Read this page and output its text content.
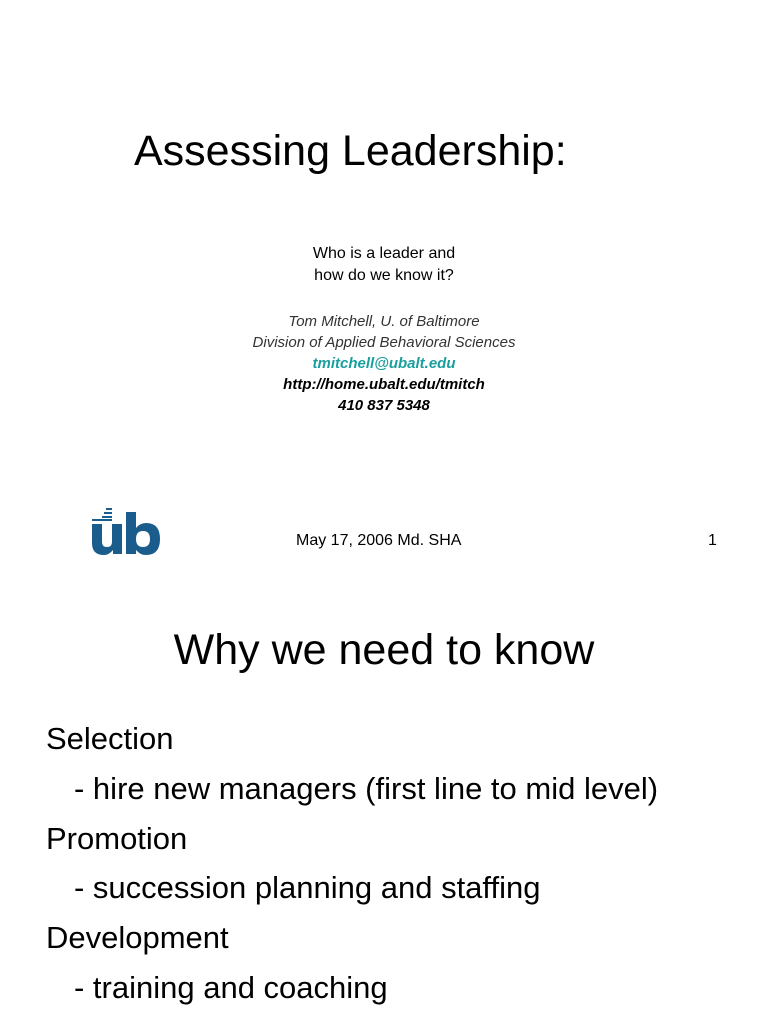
Assessing Leadership:
Who is a leader and
how do we know it?
Tom Mitchell, U. of Baltimore
Division of Applied Behavioral Sciences
tmitchell@ubalt.edu
http://home.ubalt.edu/tmitch
410 837 5348
May 17, 2006 Md. SHA	1
Why we need to know
Selection
- hire new managers (first line to mid level)
Promotion
- succession planning and staffing
Development
- training and coaching
